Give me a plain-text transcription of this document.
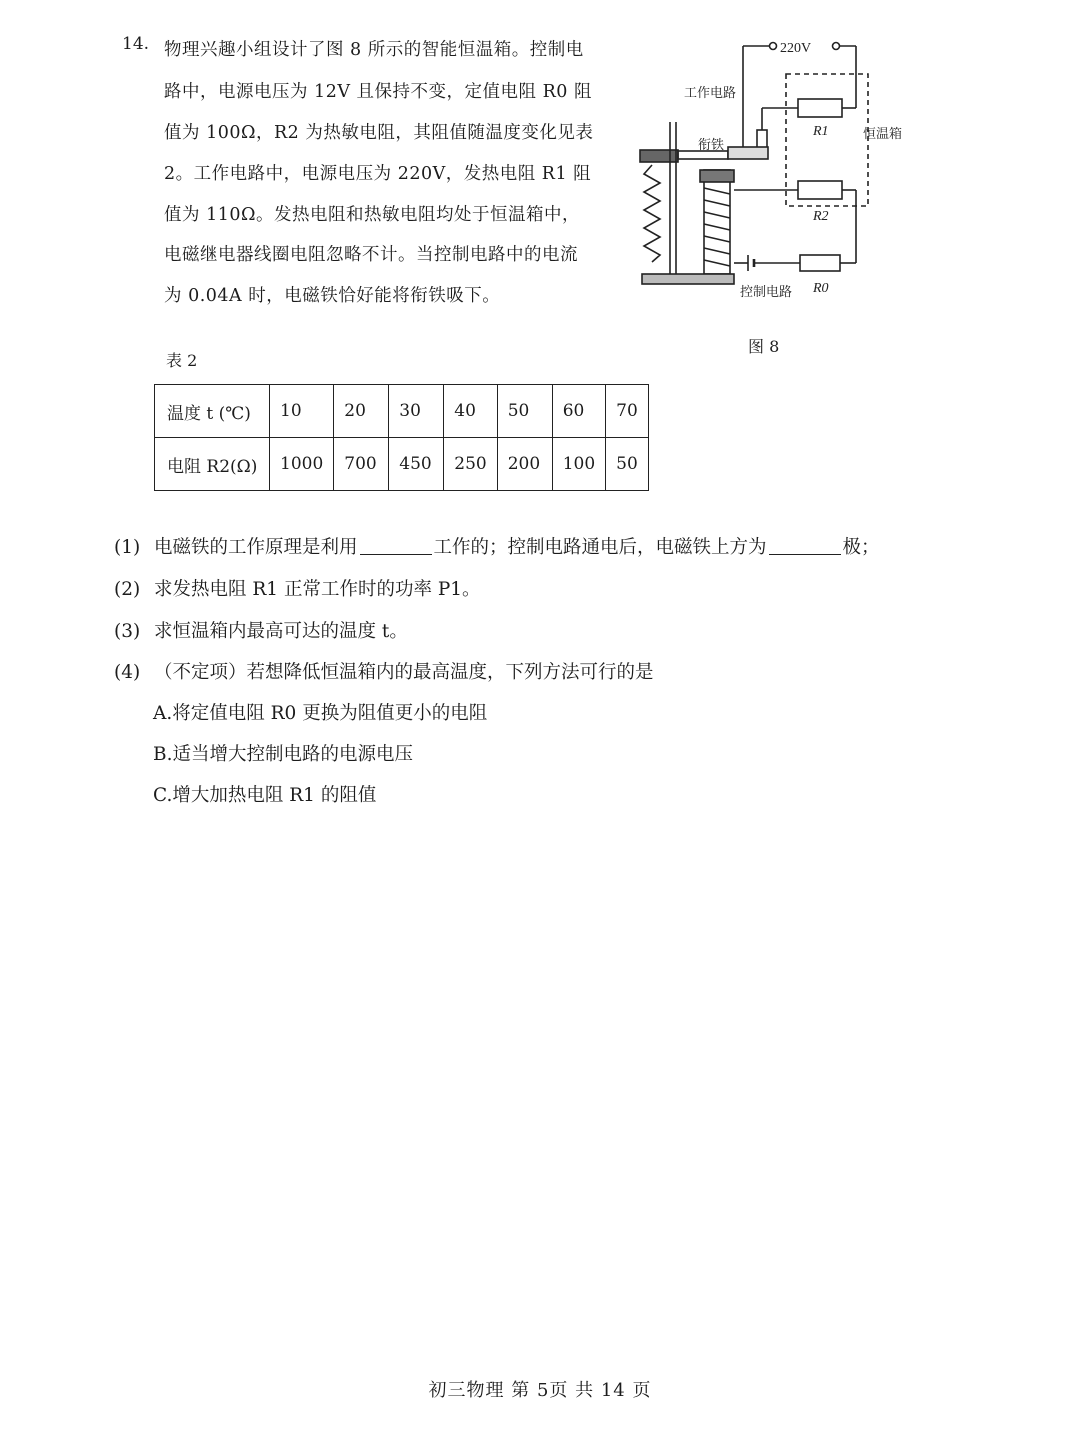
14. 物理兴趣小组设计了图 8 所示的智能恒温箱。控制电
路中，电源电压为 12V 且保持不变，定值电阻 R0 阻
值为 100Ω，R2 为热敏电阻，其阻值随温度变化见表
2。工作电路中，电源电压为 220V，发热电阻 R1 阻
值为 110Ω。发热电阻和热敏电阻均处于恒温箱中，
电磁继电器线圈电阻忽略不计。当控制电路中的电流
为 0.04A 时，电磁铁恰好能将衔铁吸下。
220V
工作电路
衔铁
R1	恒温箱
R2
控制电路 R0
图 8
表 2
温度 t (℃)	10	20	30	40	50	60	70
电阻 R2(Ω)	1000	700	450	250	200	100	50
(1) 电磁铁的工作原理是利用	工作的；控制电路通电后，电磁铁上方为	极；
(2) 求发热电阻 R1 正常工作时的功率 P1。
(3) 求恒温箱内最高可达的温度 t。
(4) （不定项）若想降低恒温箱内的最高温度，下列方法可行的是
A.将定值电阻 R0 更换为阻值更小的电阻
B.适当增大控制电路的电源电压
C.增大加热电阻 R1 的阻值
初三物理 第 5页 共 14 页
